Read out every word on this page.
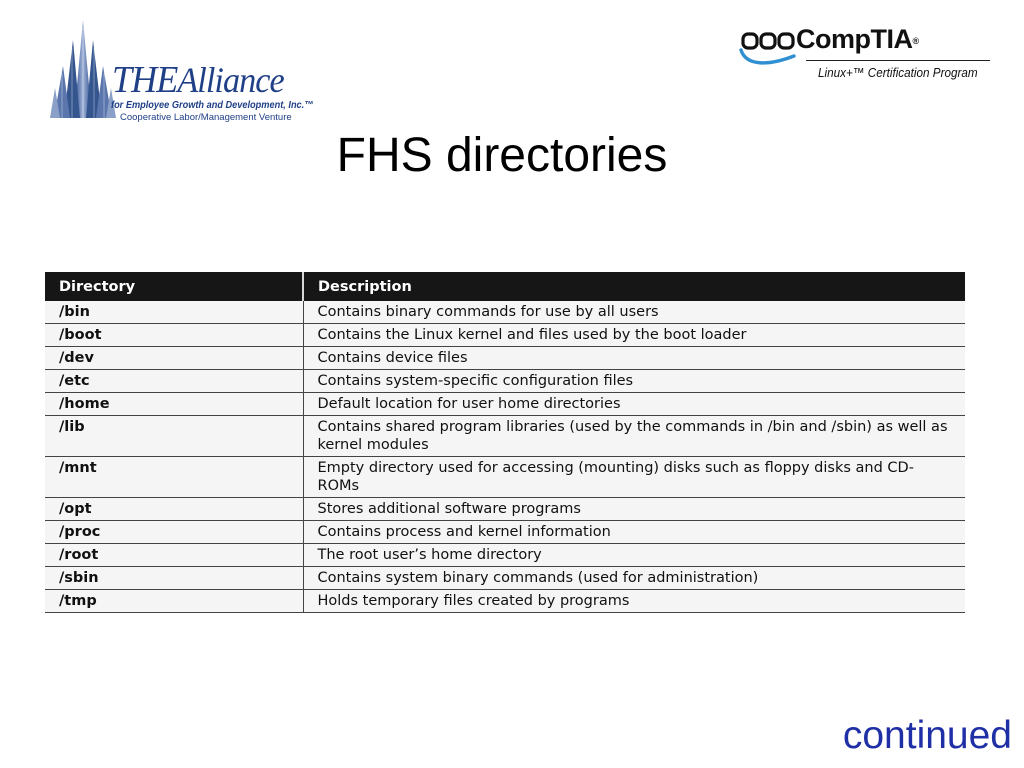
THEAlliance
for Employee Growth and Development, Inc.™
Cooperative Labor/Management Venture
CompTIA®
Linux+™ Certification Program
FHS directories
Directory	Description
/bin	Contains binary commands for use by all users
/boot	Contains the Linux kernel and files used by the boot loader
/dev	Contains device files
/etc	Contains system-specific configuration files
/home	Default location for user home directories
/lib	Contains shared program libraries (used by the commands in /bin and /sbin) as well as kernel modules
/mnt	Empty directory used for accessing (mounting) disks such as floppy disks and CD-ROMs
/opt	Stores additional software programs
/proc	Contains process and kernel information
/root	The root user’s home directory
/sbin	Contains system binary commands (used for administration)
/tmp	Holds temporary files created by programs
continued
